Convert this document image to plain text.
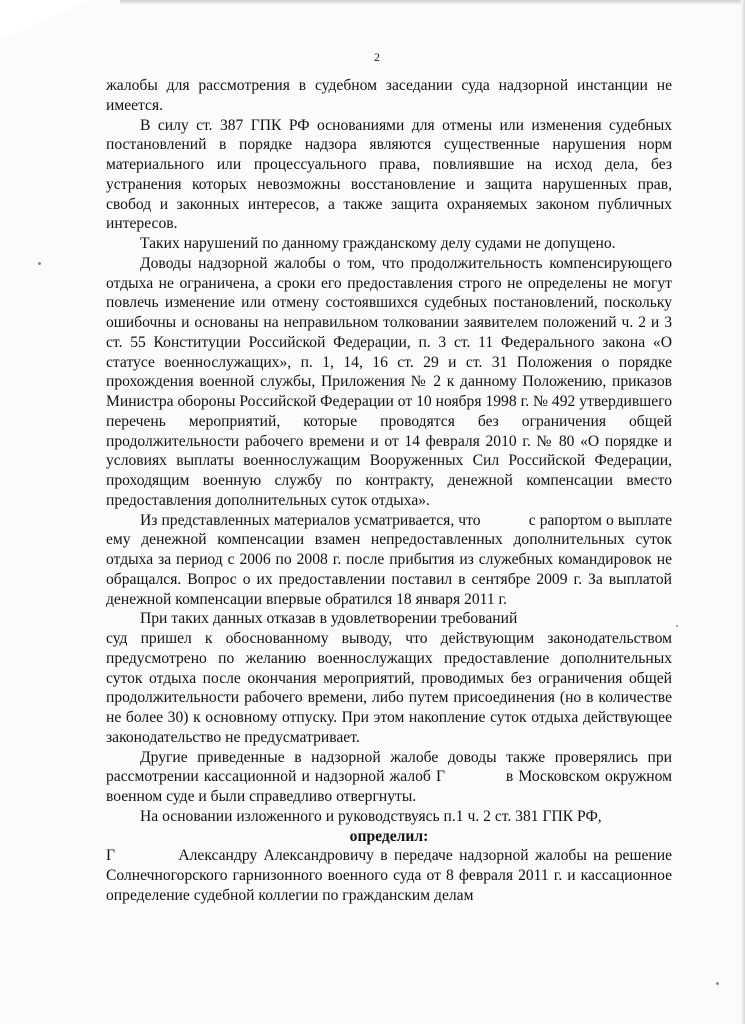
2

жалобы для рассмотрения в судебном заседании суда надзорной инстанции не имеется.

В силу ст. 387 ГПК РФ основаниями для отмены или изменения судебных постановлений в порядке надзора являются существенные нарушения норм материального или процессуального права, повлиявшие на исход дела, без устранения которых невозможны восстановление и защита нарушенных прав, свобод и законных интересов, а также защита охраняемых законом публичных интересов.

Таких нарушений по данному гражданскому делу судами не допущено.

Доводы надзорной жалобы о том, что продолжительность компенсирующего отдыха не ограничена, а сроки его предоставления строго не определены не могут повлечь изменение или отмену состоявшихся судебных постановлений, поскольку ошибочны и основаны на неправильном толковании заявителем положений ч. 2 и 3 ст. 55 Конституции Российской Федерации, п. 3 ст. 11 Федерального закона «О статусе военнослужащих», п. 1, 14, 16 ст. 29 и ст. 31 Положения о порядке прохождения военной службы, Приложения № 2 к данному Положению, приказов Министра обороны Российской Федерации от 10 ноября 1998 г. № 492 утвердившего перечень мероприятий, которые проводятся без ограничения общей продолжительности рабочего времени и от 14 февраля 2010 г. № 80 «О порядке и условиях выплаты военнослужащим Вооруженных Сил Российской Федерации, проходящим военную службу по контракту, денежной компенсации вместо предоставления дополнительных суток отдыха».

Из представленных материалов усматривается, что            с рапортом о выплате ему денежной компенсации взамен непредоставленных дополнительных суток отдыха за период с 2006 по 2008 г. после прибытия из служебных командировок не обращался. Вопрос о их предоставлении поставил в сентябре 2009 г. За выплатой денежной компенсации впервые обратился 18 января 2011 г.

При таких данных отказав в удовлетворении требований

суд пришел к обоснованному выводу, что действующим законодательством предусмотрено по желанию военнослужащих предоставление дополнительных суток отдыха после окончания мероприятий, проводимых без ограничения общей продолжительности рабочего времени, либо путем присоединения (но в количестве не более 30) к основному отпуску. При этом накопление суток отдыха действующее законодательство не предусматривает.

Другие приведенные в надзорной жалобе доводы также проверялись при рассмотрении кассационной и надзорной жалоб Г            в Московском окружном военном суде и были справедливо отвергнуты.

На основании изложенного и руководствуясь п.1 ч. 2 ст. 381 ГПК РФ,

определил:

Г          Александру Александровичу в передаче надзорной жалобы на решение Солнечногорского гарнизонного военного суда от 8 февраля 2011 г. и кассационное определение судебной коллегии по гражданским делам
